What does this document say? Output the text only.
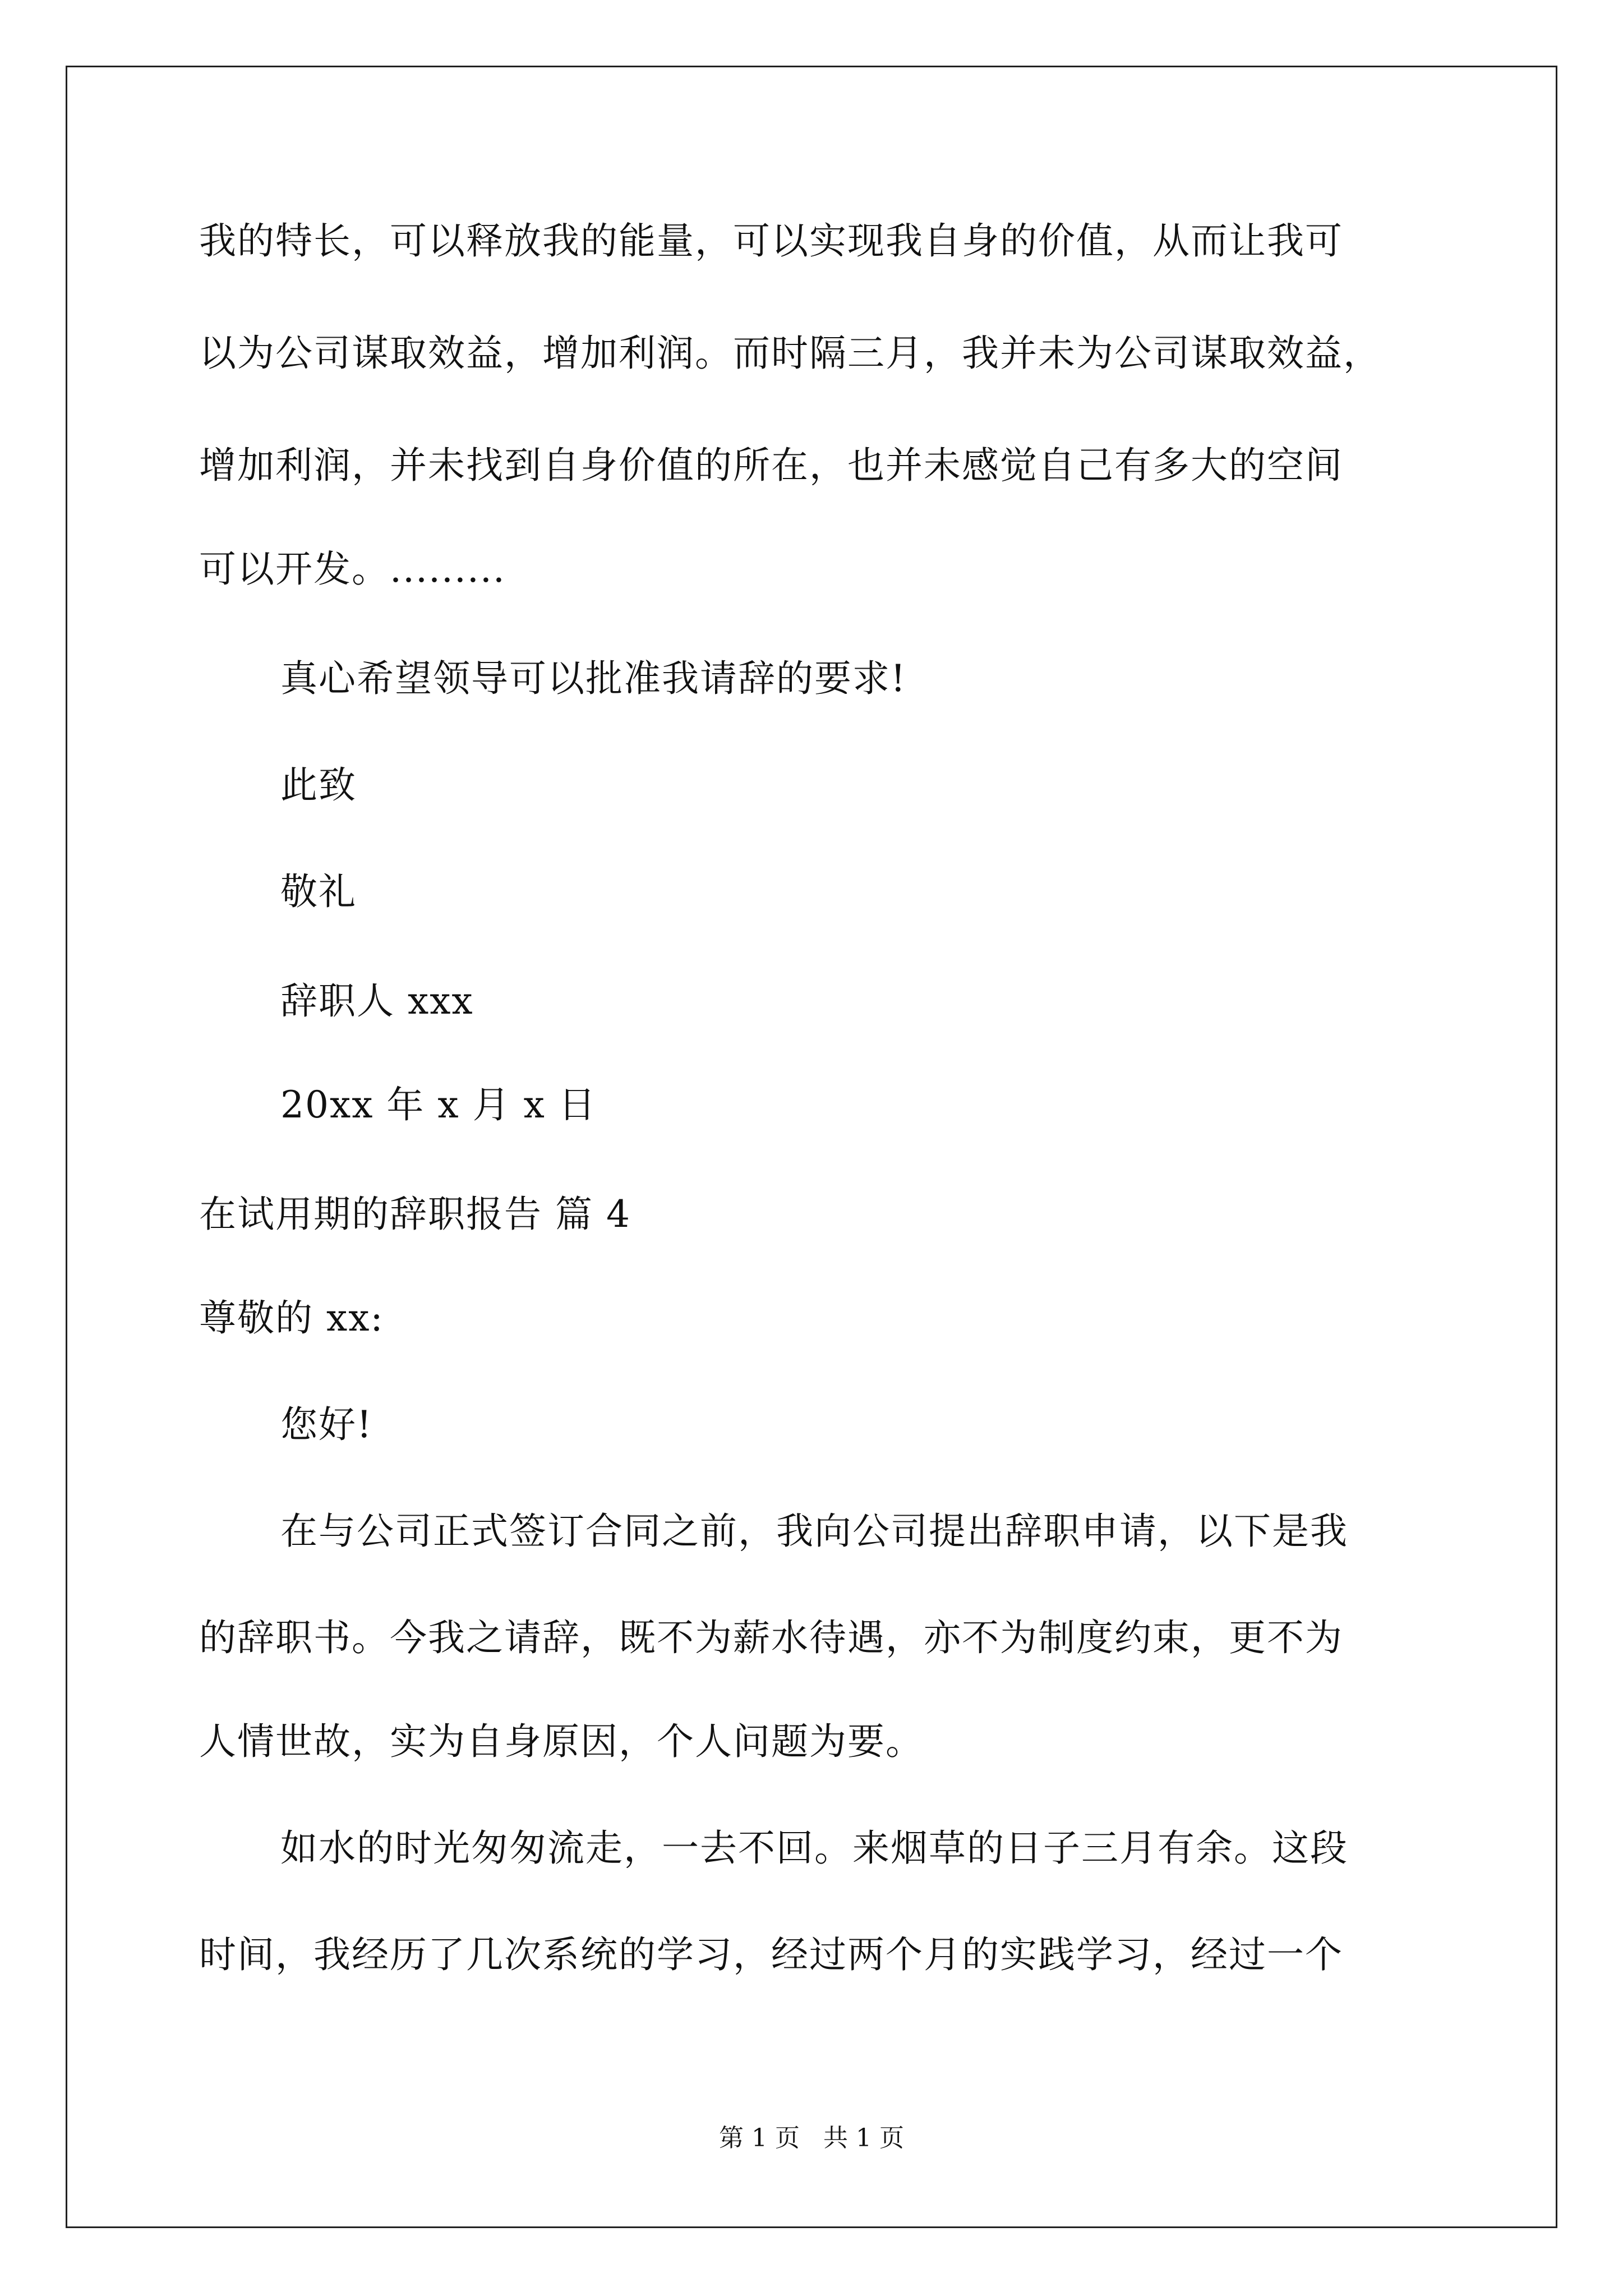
我的特长，可以释放我的能量，可以实现我自身的价值，从而让我可
以为公司谋取效益，增加利润。而时隔三月，我并未为公司谋取效益，
增加利润，并未找到自身价值的所在，也并未感觉自己有多大的空间
可以开发。.........
真心希望领导可以批准我请辞的要求!
此致
敬礼
辞职人 xxx
20xx 年 x 月 x 日
在试用期的辞职报告 篇 4
尊敬的 xx:
您好!
在与公司正式签订合同之前，我向公司提出辞职申请，以下是我
的辞职书。今我之请辞，既不为薪水待遇，亦不为制度约束，更不为
人情世故，实为自身原因，个人问题为要。
如水的时光匆匆流走，一去不回。来烟草的日子三月有余。这段
时间，我经历了几次系统的学习，经过两个月的实践学习，经过一个
第 1 页   共 1 页
